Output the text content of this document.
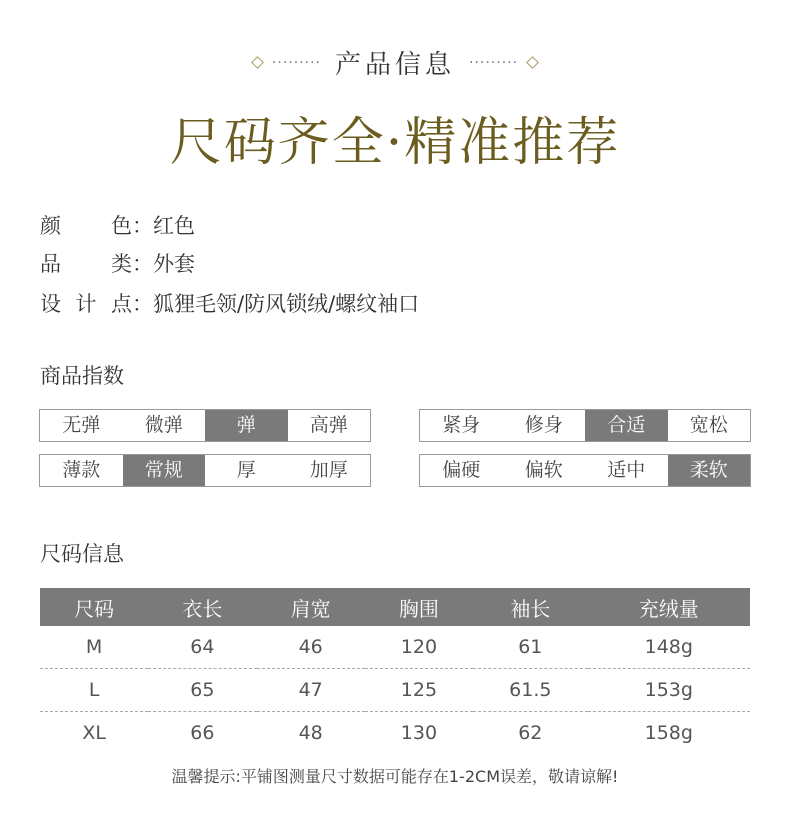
········· 产品信息 ·········
尺码齐全·精准推荐
颜色：红色
品类：外套
设计点：狐狸毛领/防风锁绒/螺纹袖口
商品指数
无弹	微弹	弹	高弹	紧身	修身	合适	宽松
薄款	常规	厚	加厚	偏硬	偏软	适中	柔软
尺码信息
尺码	衣长	肩宽	胸围	袖长	充绒量
M	64	46	120	61	148g
L	65	47	125	61.5	153g
XL	66	48	130	62	158g
温馨提示:平铺图测量尺寸数据可能存在1-2CM误差，敬请谅解!
